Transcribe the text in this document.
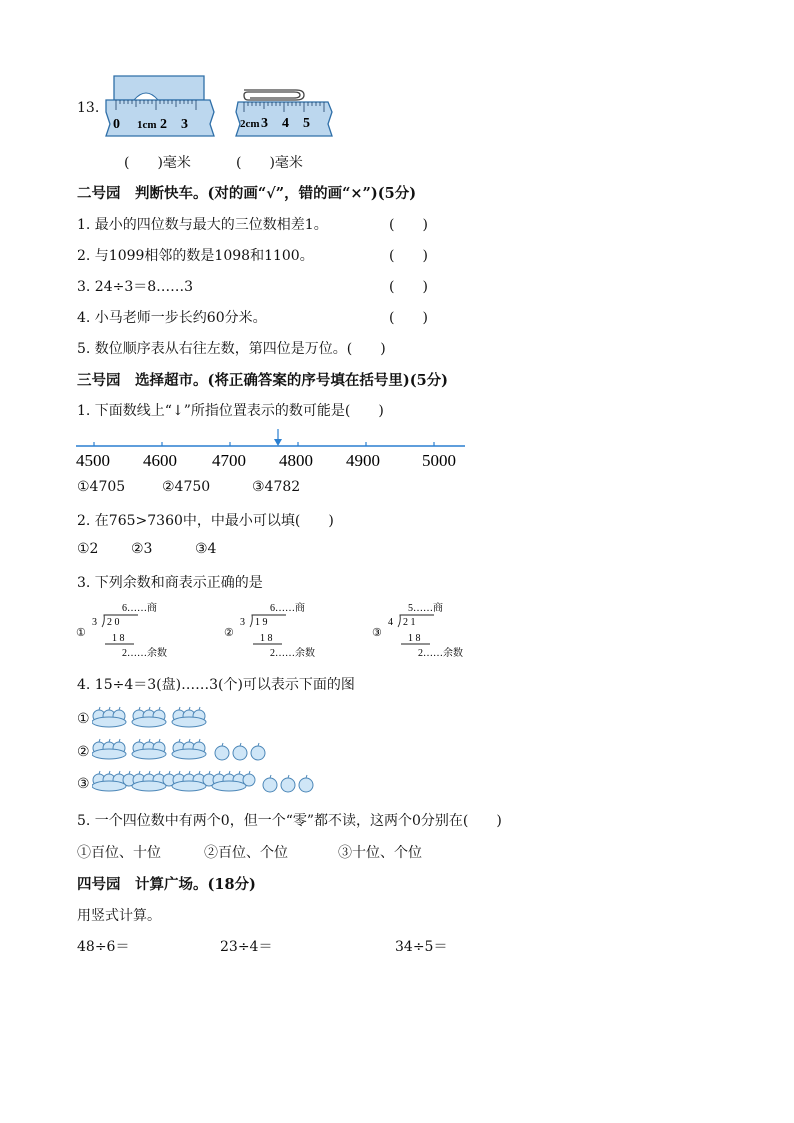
13.
0 1cm 2 3	2cm 3 4 5
(　　)毫米	(　　)毫米
二号园　判断快车。(对的画“√”，错的画“×”)(5分)
1. 最小的四位数与最大的三位数相差1。	(　　)
2. 与1099相邻的数是1098和1100。	(　　)
3. 24÷3＝8……3	(　　)
4. 小马老师一步长约60分米。	(　　)
5. 数位顺序表从右往左数，第四位是万位。(　　)
三号园　选择超市。(将正确答案的序号填在括号里)(5分)
1. 下面数线上“↓”所指位置表示的数可能是(　　)
4500 4600 4700 4800 4900 5000
①4705	②4750	③4782
2. 在765>7360中，中最小可以填(　　)
①2 ②3	③4
3. 下列余数和商表示正确的是
①
6……商
3 2 0
1 8
2……余数
②
6……商
3 1 9
1 8
2……余数
③
5……商
4 2 1
1 8
2……余数
4. 15÷4＝3(盘)……3(个)可以表示下面的图
①
②
③
5. 一个四位数中有两个0，但一个“零”都不读，这两个0分别在(　　)
①百位、十位	②百位、个位	③十位、个位
四号园　计算广场。(18分)
用竖式计算。
48÷6＝	23÷4＝	34÷5＝
